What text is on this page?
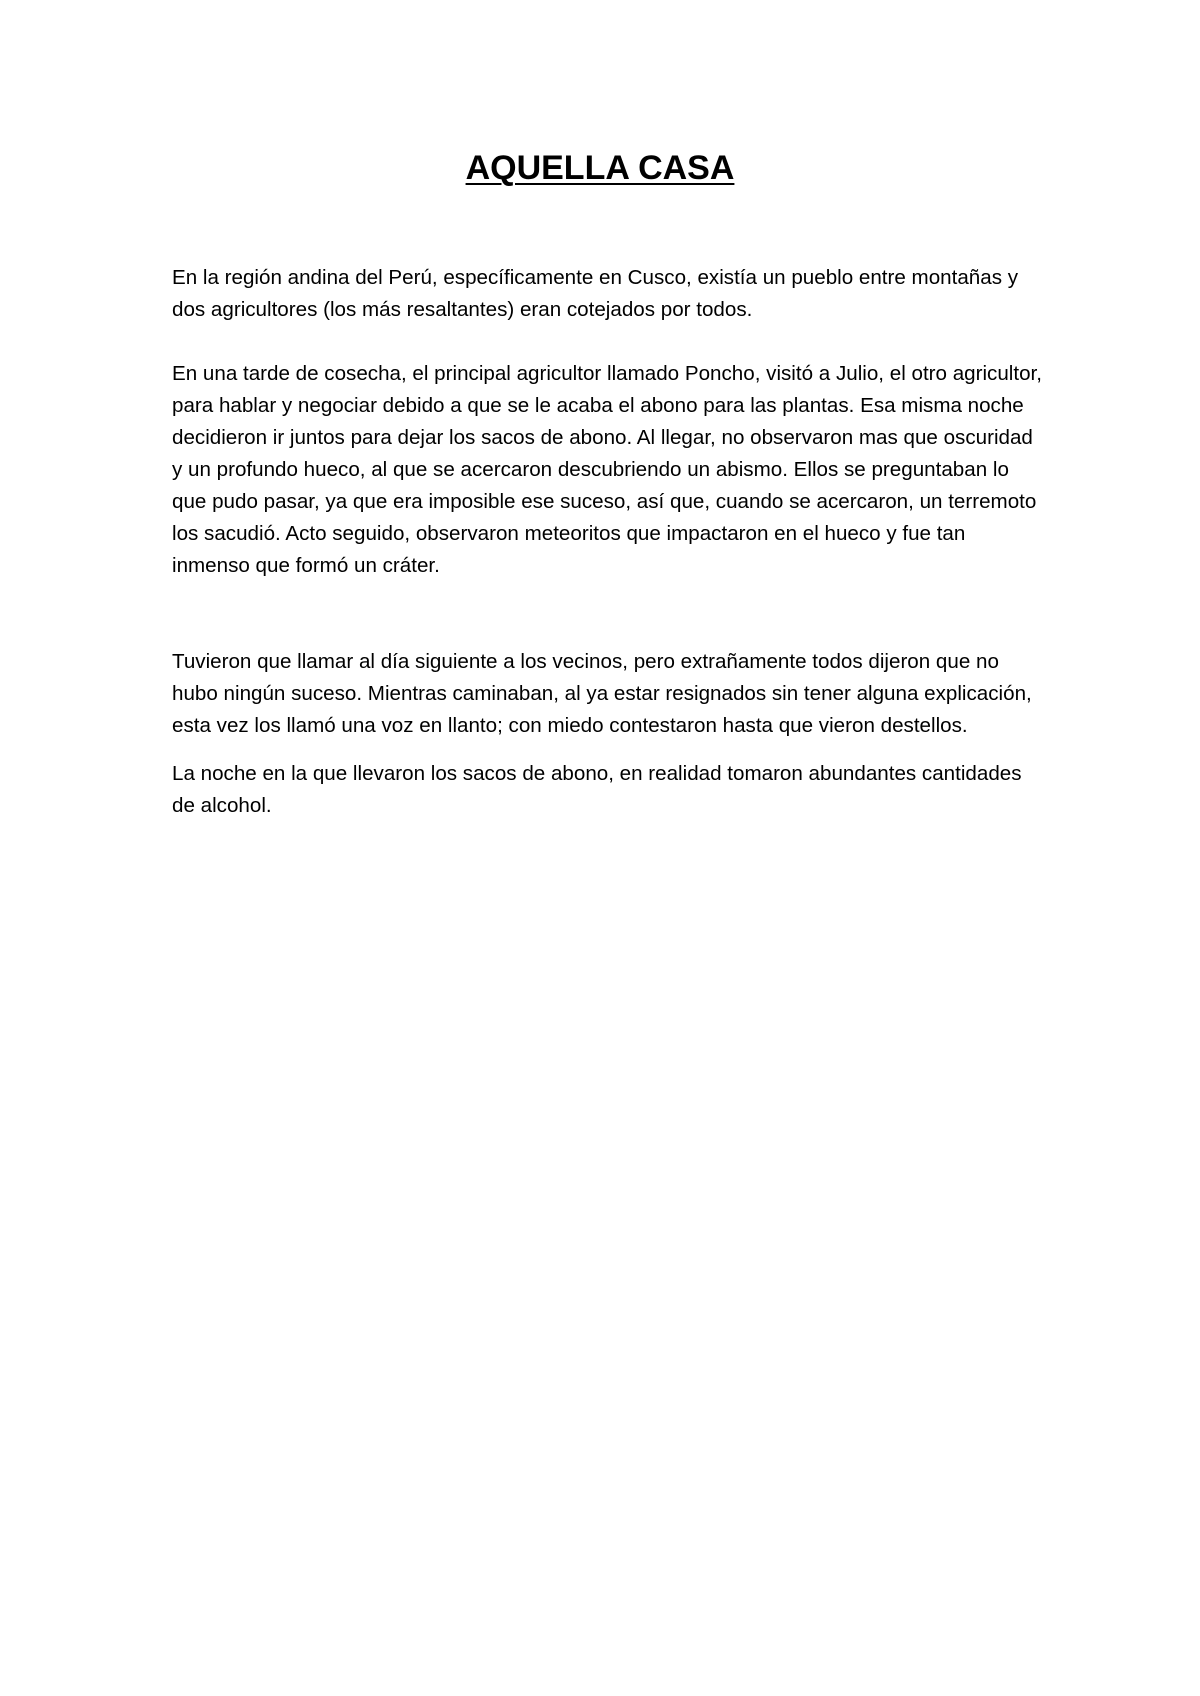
AQUELLA CASA

En la región andina del Perú, específicamente en Cusco, existía un pueblo entre montañas y dos agricultores (los más resaltantes) eran cotejados por todos.

En una tarde de cosecha, el principal agricultor llamado Poncho, visitó a Julio, el otro agricultor, para hablar y negociar debido a que se le acaba el abono para las plantas. Esa misma noche decidieron ir juntos para dejar los sacos de abono. Al llegar, no observaron mas que oscuridad y un profundo hueco, al que se acercaron descubriendo un abismo. Ellos se preguntaban lo que pudo pasar, ya que era imposible ese suceso, así que, cuando se acercaron, un terremoto los sacudió. Acto seguido, observaron meteoritos que impactaron en el hueco y fue tan inmenso que formó un cráter.

Tuvieron que llamar al día siguiente a los vecinos, pero extrañamente todos dijeron que no hubo ningún suceso. Mientras caminaban, al ya estar resignados sin tener alguna explicación, esta vez los llamó una voz en llanto; con miedo contestaron hasta que vieron destellos.

La noche en la que llevaron los sacos de abono, en realidad tomaron abundantes cantidades de alcohol.
